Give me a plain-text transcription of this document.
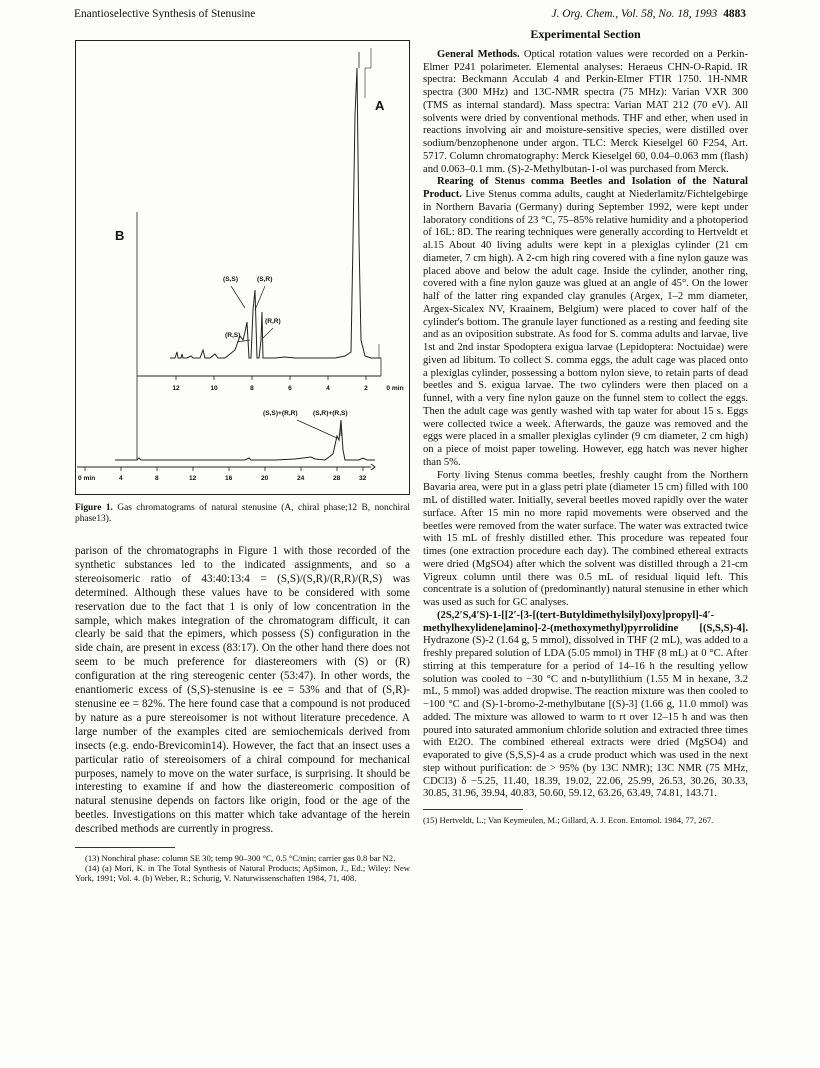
Enantioselective Synthesis of Stenusine	J. Org. Chem., Vol. 58, No. 18, 1993 4883
A
(S,S)	(S,R)
(R,R)
(R,S)
12	10	8	6	4	2	0 min
B
(S,S)+(R,R) (S,R)+(R,S)
0 min	4	8	12	16	20	24	28	32
Figure 1. Gas chromatograms of natural stenusine (A, chiral phase;12 B, nonchiral phase13).
parison of the chromatographs in Figure 1 with those recorded of the synthetic substances led to the indicated assignments, and so a stereoisomeric ratio of 43:40:13:4 = (S,S)/(S,R)/(R,R)/(R,S) was determined. Although these values have to be considered with some reservation due to the fact that 1 is only of low concentration in the sample, which makes integration of the chromatogram difficult, it can clearly be said that the epimers, which possess (S) configuration in the side chain, are present in excess (83:17). On the other hand there does not seem to be much preference for diastereomers with (S) or (R) configuration at the ring stereogenic center (53:47). In other words, the enantiomeric excess of (S,S)-stenusine is ee = 53% and that of (S,R)-stenusine ee = 82%. The here found case that a compound is not produced by nature as a pure stereoisomer is not without literature precedence. A large number of the examples cited are semiochemicals derived from insects (e.g. endo-Brevicomin14). However, the fact that an insect uses a particular ratio of stereoisomers of a chiral compound for mechanical purposes, namely to move on the water surface, is surprising. It should be interesting to examine if and how the diastereomeric composition of natural stenusine depends on factors like origin, food or the age of the beetles. Investigations on this matter which take advantage of the herein described methods are currently in progress.

(13) Nonchiral phase: column SE 30; temp 90–300 °C, 0.5 °C/min; carrier gas 0.8 bar N2.

(14) (a) Mori, K. in The Total Synthesis of Natural Products; ApSimon, J., Ed.; Wiley: New York, 1991; Vol. 4. (b) Weber, R.; Schurig, V. Naturwissenschaften 1984, 71, 408.

Experimental Section

General Methods. Optical rotation values were recorded on a Perkin-Elmer P241 polarimeter. Elemental analyses: Heraeus CHN-O-Rapid. IR spectra: Beckmann Acculab 4 and Perkin-Elmer FTIR 1750. 1H-NMR spectra (300 MHz) and 13C-NMR spectra (75 MHz): Varian VXR 300 (TMS as internal standard). Mass spectra: Varian MAT 212 (70 eV). All solvents were dried by conventional methods. THF and ether, when used in reactions involving air and moisture-sensitive species, were distilled over sodium/benzophenone under argon. TLC: Merck Kieselgel 60 F254, Art. 5717. Column chromatography: Merck Kieselgel 60, 0.04–0.063 mm (flash) and 0.063–0.1 mm. (S)-2-Methylbutan-1-ol was purchased from Merck.

Rearing of Stenus comma Beetles and Isolation of the Natural Product. Live Stenus comma adults, caught at Niederlamitz/Fichtelgebirge in Northern Bavaria (Germany) during September 1992, were kept under laboratory conditions of 23 °C, 75–85% relative humidity and a photoperiod of 16L: 8D. The rearing techniques were generally according to Hertveldt et al.15 About 40 living adults were kept in a plexiglas cylinder (21 cm diameter, 7 cm high). A 2-cm high ring covered with a fine nylon gauze was placed above and below the adult cage. Inside the cylinder, another ring, covered with a fine nylon gauze was glued at an angle of 45°. On the lower half of the latter ring expanded clay granules (Argex, 1–2 mm diameter, Argex-Sicalex NV, Kraainem, Belgium) were placed to cover half of the cylinder's bottom. The granule layer functioned as a resting and feeding site and as an oviposition substrate. As food for S. comma adults and larvae, live 1st and 2nd instar Spodoptera exigua larvae (Lepidoptera: Noctuidae) were given ad libitum. To collect S. comma eggs, the adult cage was placed onto a plexiglas cylinder, possessing a bottom nylon sieve, to retain parts of dead beetles and S. exigua larvae. The two cylinders were then placed on a funnel, with a very fine nylon gauze on the funnel stem to collect the eggs. Then the adult cage was gently washed with tap water for about 15 s. Eggs were collected twice a week. Afterwards, the gauze was removed and the eggs were placed in a smaller plexiglas cylinder (9 cm diameter, 2 cm high) on a piece of moist paper toweling. However, egg hatch was never higher than 5%.

Forty living Stenus comma beetles, freshly caught from the Northern Bavaria area, were put in a glass petri plate (diameter 15 cm) filled with 100 mL of distilled water. Initially, several beetles moved rapidly over the water surface. After 15 min no more rapid movements were observed and the beetles were removed from the water surface. The water was extracted twice with 15 mL of freshly distilled ether. This procedure was repeated four times (one extraction procedure each day). The combined ethereal extracts were dried (MgSO4) after which the solvent was distilled through a 21-cm Vigreux column until there was 0.5 mL of residual liquid left. This concentrate is a solution of (predominantly) natural stenusine in ether which was used as such for GC analyses.

(2S,2′S,4′S)-1-[[2′-[3-[(tert-Butyldimethylsilyl)oxy]propyl]-4′-methylhexylidene]amino]-2-(methoxymethyl)pyrrolidine [(S,S,S)-4]. Hydrazone (S)-2 (1.64 g, 5 mmol), dissolved in THF (2 mL), was added to a freshly prepared solution of LDA (5.05 mmol) in THF (8 mL) at 0 °C. After stirring at this temperature for a period of 14–16 h the resulting yellow solution was cooled to −30 °C and n-butyllithium (1.55 M in hexane, 3.2 mL, 5 mmol) was added dropwise. The reaction mixture was then cooled to −100 °C and (S)-1-bromo-2-methylbutane [(S)-3] (1.66 g, 11.0 mmol) was added. The mixture was allowed to warm to rt over 12–15 h and was then poured into saturated ammonium chloride solution and extracted three times with Et2O. The combined ethereal extracts were dried (MgSO4) and evaporated to give (S,S,S)-4 as a crude product which was used in the next step without purification: de > 95% (by 13C NMR); 13C NMR (75 MHz, CDCl3) δ −5.25, 11.40, 18.39, 19.02, 22.06, 25.99, 26.53, 30.26, 30.33, 30.85, 31.96, 39.94, 40.83, 50.60, 59.12, 63.26, 63.49, 74.81, 143.71.

(15) Hertveldt, L.; Van Keymeulen, M.; Gillard, A. J. Econ. Entomol. 1984, 77, 267.
